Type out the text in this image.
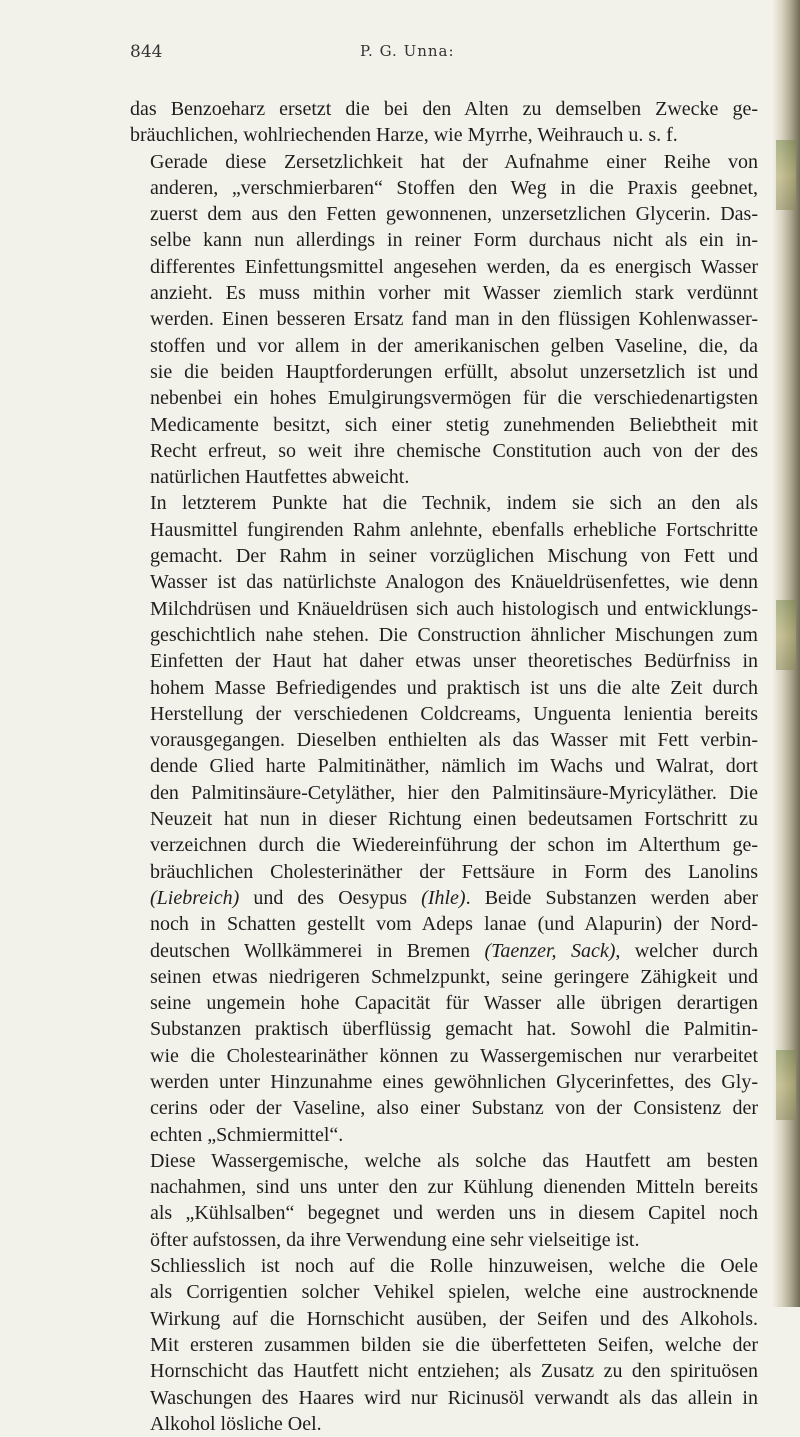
844	P. G. Unna:

das Benzoeharz ersetzt die bei den Alten zu demselben Zwecke ge-
bräuchlichen, wohlriechenden Harze, wie Myrrhe, Weihrauch u. s. f.

Gerade diese Zersetzlichkeit hat der Aufnahme einer Reihe von
anderen, „verschmierbaren“ Stoffen den Weg in die Praxis geebnet,
zuerst dem aus den Fetten gewonnenen, unzersetzlichen Glycerin. Das-
selbe kann nun allerdings in reiner Form durchaus nicht als ein in-
differentes Einfettungsmittel angesehen werden, da es energisch Wasser
anzieht. Es muss mithin vorher mit Wasser ziemlich stark verdünnt
werden. Einen besseren Ersatz fand man in den flüssigen Kohlenwasser-
stoffen und vor allem in der amerikanischen gelben Vaseline, die, da
sie die beiden Hauptforderungen erfüllt, absolut unzersetzlich ist und
nebenbei ein hohes Emulgirungsvermögen für die verschiedenartigsten
Medicamente besitzt, sich einer stetig zunehmenden Beliebtheit mit
Recht erfreut, so weit ihre chemische Constitution auch von der des
natürlichen Hautfettes abweicht.

In letzterem Punkte hat die Technik, indem sie sich an den als
Hausmittel fungirenden Rahm anlehnte, ebenfalls erhebliche Fortschritte
gemacht. Der Rahm in seiner vorzüglichen Mischung von Fett und
Wasser ist das natürlichste Analogon des Knäueldrüsenfettes, wie denn
Milchdrüsen und Knäueldrüsen sich auch histologisch und entwicklungs-
geschichtlich nahe stehen. Die Construction ähnlicher Mischungen zum
Einfetten der Haut hat daher etwas unser theoretisches Bedürfniss in
hohem Masse Befriedigendes und praktisch ist uns die alte Zeit durch
Herstellung der verschiedenen Coldcreams, Unguenta lenientia bereits
vorausgegangen. Dieselben enthielten als das Wasser mit Fett verbin-
dende Glied harte Palmitinäther, nämlich im Wachs und Walrat, dort
den Palmitinsäure-Cetyläther, hier den Palmitinsäure-Myricyläther. Die
Neuzeit hat nun in dieser Richtung einen bedeutsamen Fortschritt zu
verzeichnen durch die Wiedereinführung der schon im Alterthum ge-
bräuchlichen Cholesterinäther der Fettsäure in Form des Lanolins
(Liebreich) und des Oesypus (Ihle). Beide Substanzen werden aber
noch in Schatten gestellt vom Adeps lanae (und Alapurin) der Nord-
deutschen Wollkämmerei in Bremen (Taenzer, Sack), welcher durch
seinen etwas niedrigeren Schmelzpunkt, seine geringere Zähigkeit und
seine ungemein hohe Capacität für Wasser alle übrigen derartigen
Substanzen praktisch überflüssig gemacht hat. Sowohl die Palmitin-
wie die Cholestearinäther können zu Wassergemischen nur verarbeitet
werden unter Hinzunahme eines gewöhnlichen Glycerinfettes, des Gly-
cerins oder der Vaseline, also einer Substanz von der Consistenz der
echten „Schmiermittel“.

Diese Wassergemische, welche als solche das Hautfett am besten
nachahmen, sind uns unter den zur Kühlung dienenden Mitteln bereits
als „Kühlsalben“ begegnet und werden uns in diesem Capitel noch
öfter aufstossen, da ihre Verwendung eine sehr vielseitige ist.

Schliesslich ist noch auf die Rolle hinzuweisen, welche die Oele
als Corrigentien solcher Vehikel spielen, welche eine austrocknende
Wirkung auf die Hornschicht ausüben, der Seifen und des Alkohols.
Mit ersteren zusammen bilden sie die überfetteten Seifen, welche der
Hornschicht das Hautfett nicht entziehen; als Zusatz zu den spirituösen
Waschungen des Haares wird nur Ricinusöl verwandt als das allein in
Alkohol lösliche Oel.
